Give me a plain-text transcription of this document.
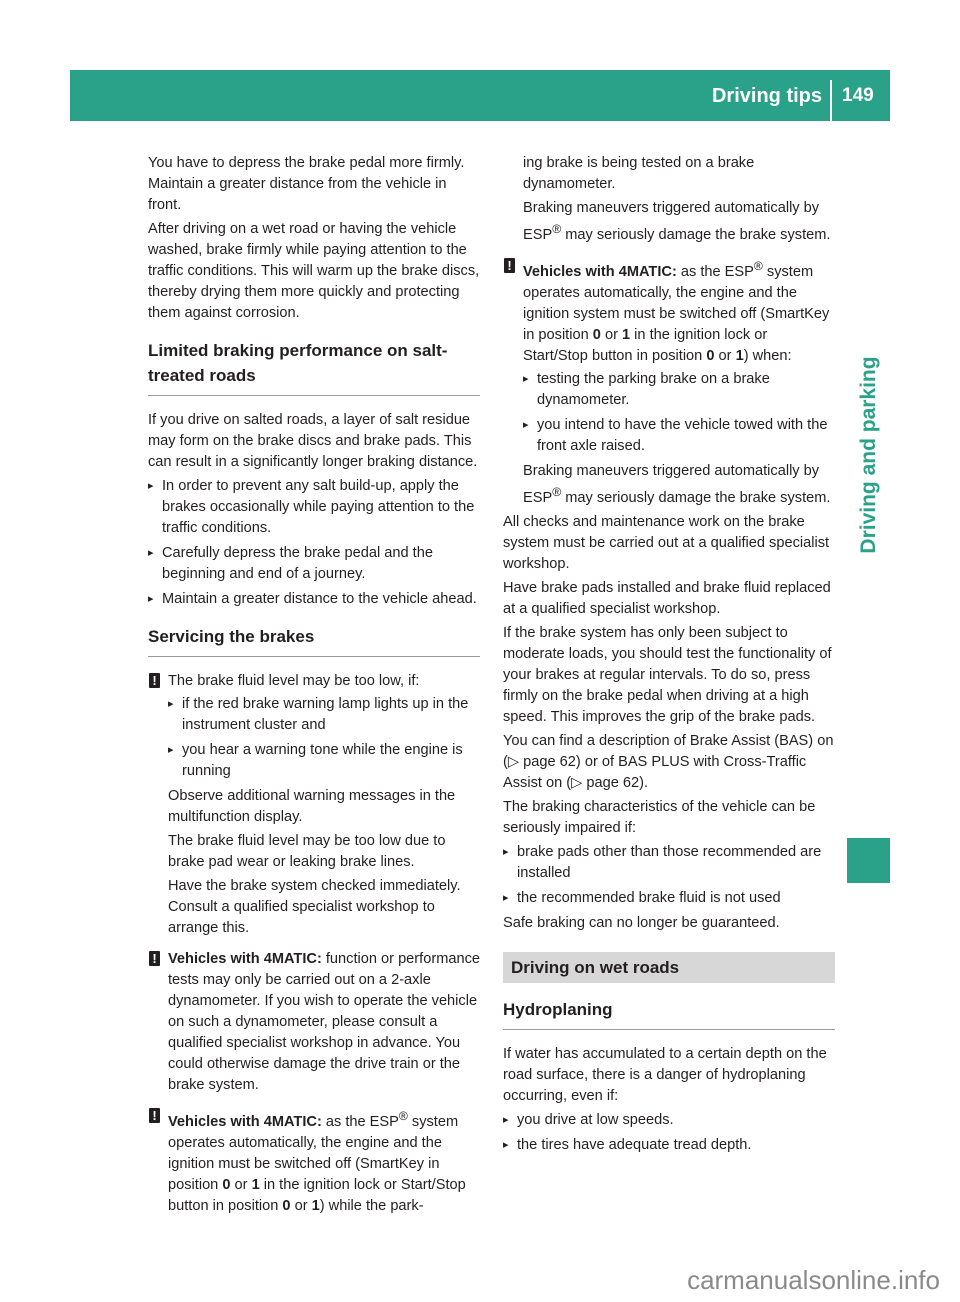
Driving tips 149
Driving and parking

You have to depress the brake pedal more firmly. Maintain a greater distance from the vehicle in front.

After driving on a wet road or having the vehicle washed, brake firmly while paying attention to the traffic conditions. This will warm up the brake discs, thereby drying them more quickly and protecting them against corrosion.

Limited braking performance on salt-treated roads

If you drive on salted roads, a layer of salt residue may form on the brake discs and brake pads. This can result in a significantly longer braking distance.

▸ In order to prevent any salt build-up, apply the brakes occasionally while paying attention to the traffic conditions.
▸ Carefully depress the brake pedal and the beginning and end of a journey.
▸ Maintain a greater distance to the vehicle ahead.
Servicing the brakes
! The brake fluid level may be too low, if:

▸ if the red brake warning lamp lights up in the instrument cluster and
▸ you hear a warning tone while the engine is running

Observe additional warning messages in the multifunction display.

The brake fluid level may be too low due to brake pad wear or leaking brake lines.

Have the brake system checked immediately. Consult a qualified specialist workshop to arrange this.

! Vehicles with 4MATIC: function or performance tests may only be carried out on a 2-axle dynamometer. If you wish to operate the vehicle on such a dynamometer, please consult a qualified specialist workshop in advance. You could otherwise damage the drive train or the brake system.

! Vehicles with 4MATIC: as the ESP® system operates automatically, the engine and the ignition must be switched off (SmartKey in position 0 or 1 in the ignition lock or Start/Stop button in position 0 or 1) while the park-

ing brake is being tested on a brake dynamometer.

Braking maneuvers triggered automatically by ESP® may seriously damage the brake system.

! Vehicles with 4MATIC: as the ESP® system operates automatically, the engine and the ignition system must be switched off (SmartKey in position 0 or 1 in the ignition lock or Start/Stop button in position 0 or 1) when:

▸ testing the parking brake on a brake dynamometer.
▸ you intend to have the vehicle towed with the front axle raised.

Braking maneuvers triggered automatically by ESP® may seriously damage the brake system.

All checks and maintenance work on the brake system must be carried out at a qualified specialist workshop.

Have brake pads installed and brake fluid replaced at a qualified specialist workshop.

If the brake system has only been subject to moderate loads, you should test the functionality of your brakes at regular intervals. To do so, press firmly on the brake pedal when driving at a high speed. This improves the grip of the brake pads.

You can find a description of Brake Assist (BAS) on (▷ page 62) or of BAS PLUS with Cross-Traffic Assist on (▷ page 62).

The braking characteristics of the vehicle can be seriously impaired if:

▸ brake pads other than those recommended are installed
▸ the recommended brake fluid is not used

Safe braking can no longer be guaranteed.

Driving on wet roads
Hydroplaning

If water has accumulated to a certain depth on the road surface, there is a danger of hydroplaning occurring, even if:

▸ you drive at low speeds.
▸ the tires have adequate tread depth.
carmanualsonline.info
